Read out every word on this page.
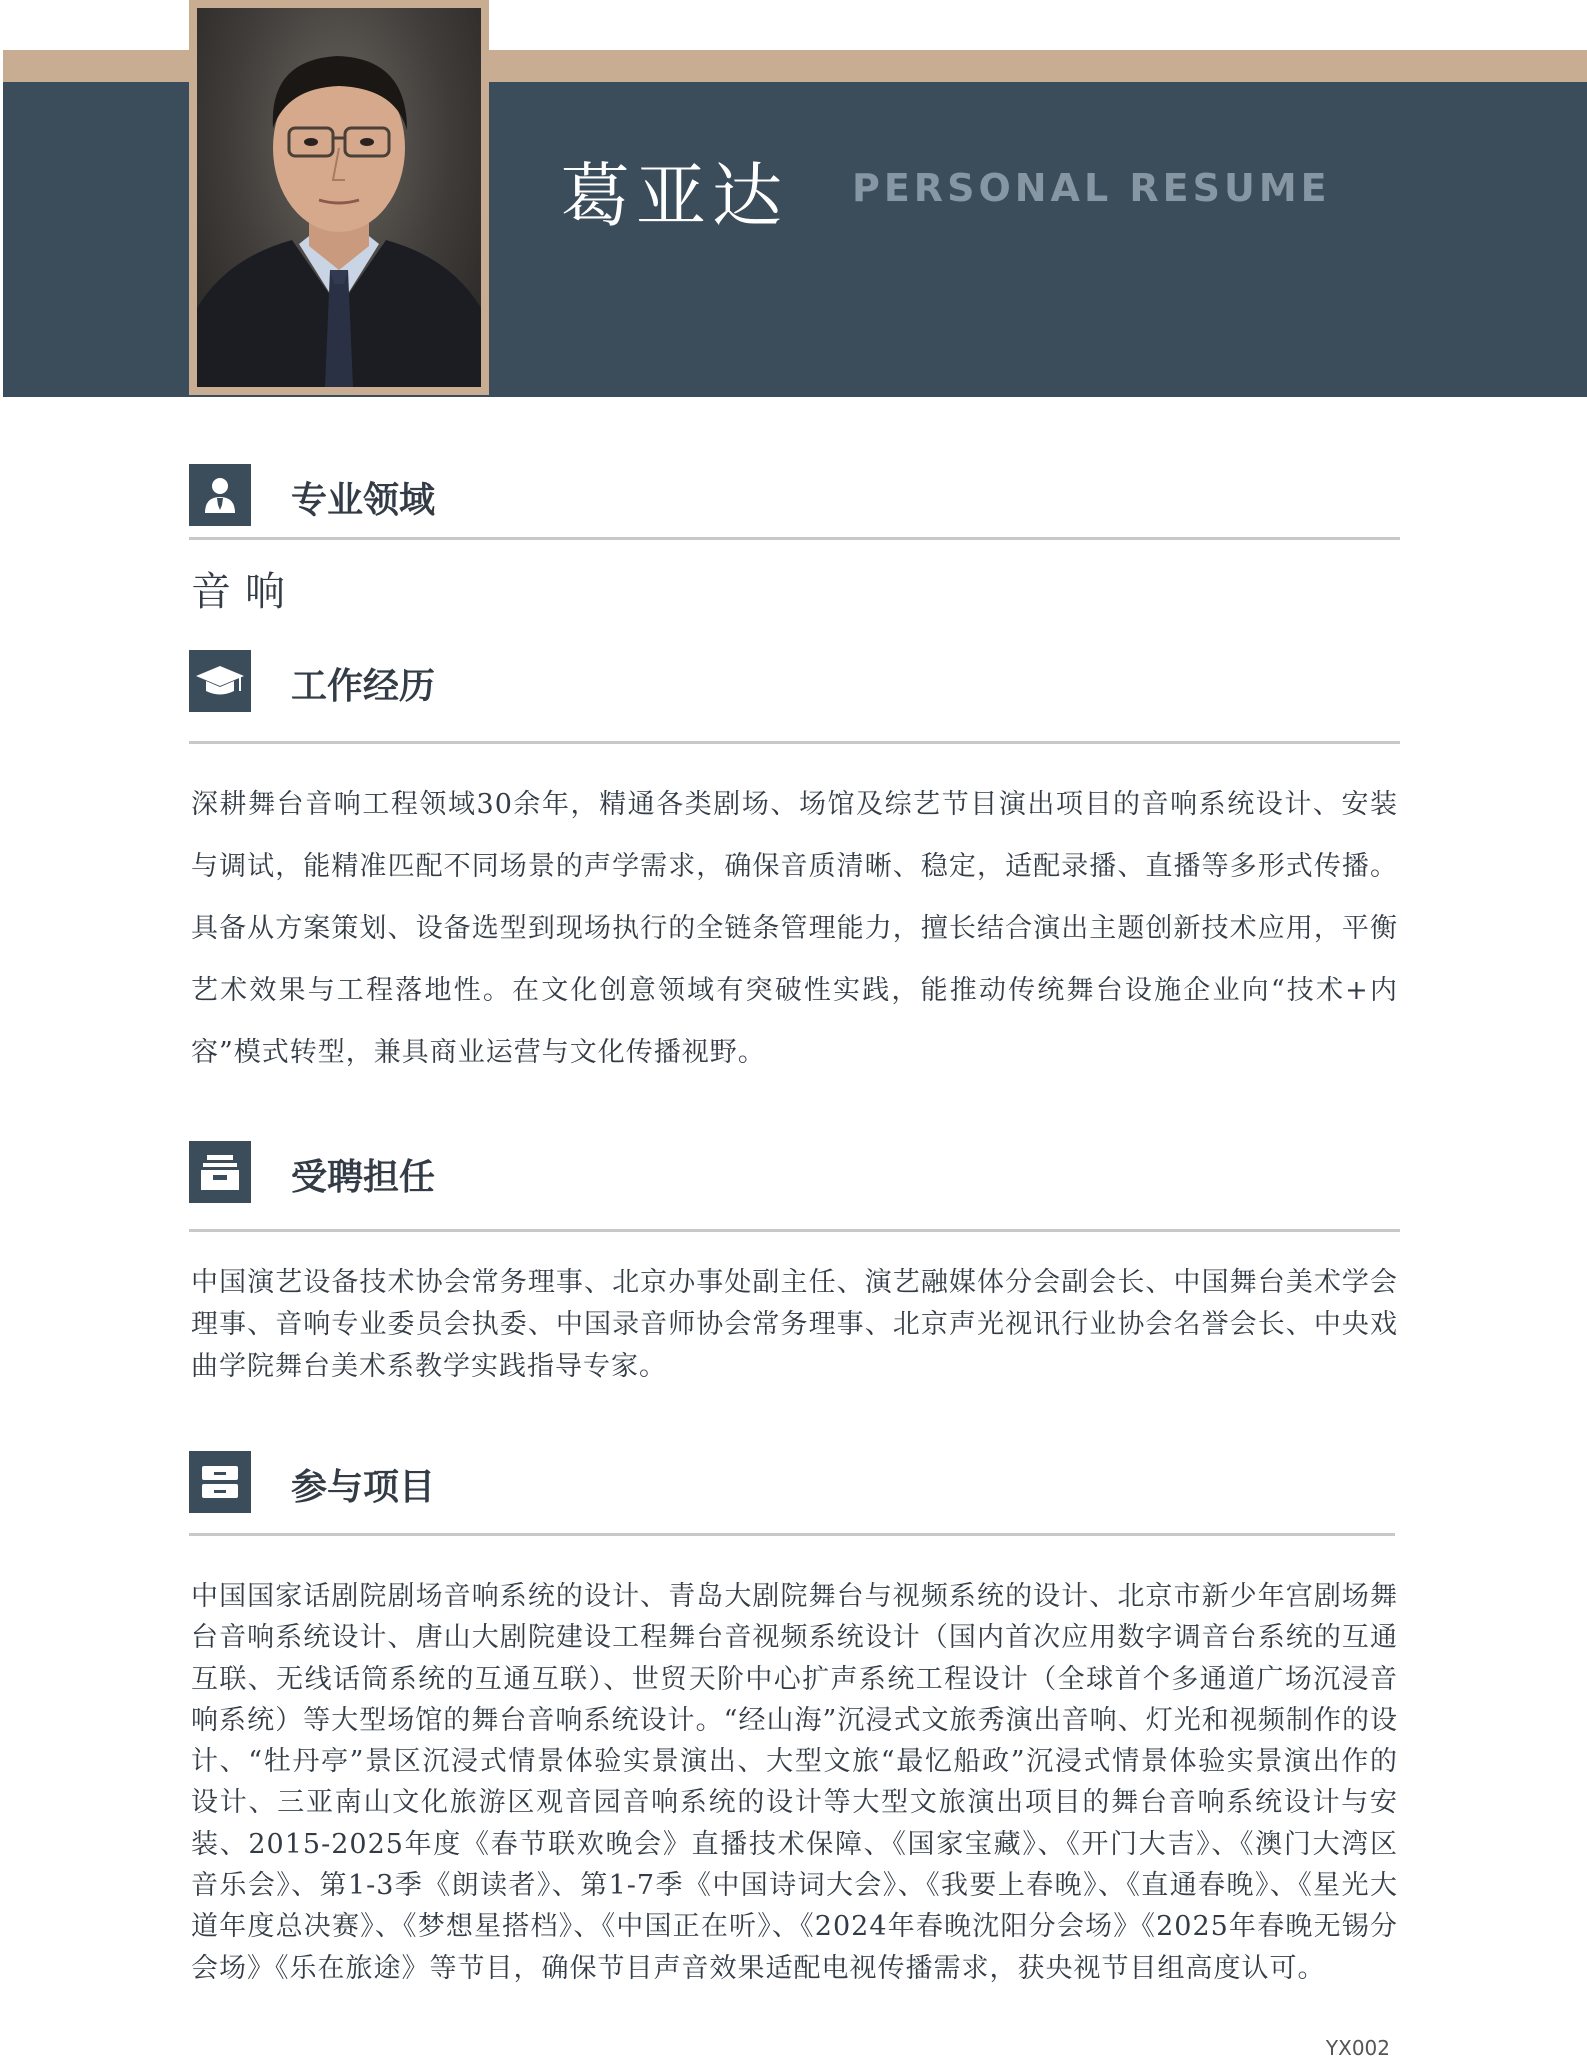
葛亚达 PERSONAL RESUME
专业领域
音响
工作经历
深耕舞台音响工程领域30余年，精通各类剧场、场馆及综艺节目演出项目的音响系统设计、安装与调试，能精准匹配不同场景的声学需求，确保音质清晰、稳定，适配录播、直播等多形式传播。具备从方案策划、设备选型到现场执行的全链条管理能力，擅长结合演出主题创新技术应用，平衡艺术效果与工程落地性。在文化创意领域有突破性实践，能推动传统舞台设施企业向“技术+内容”模式转型，兼具商业运营与文化传播视野。
受聘担任
中国演艺设备技术协会常务理事、北京办事处副主任、演艺融媒体分会副会长、中国舞台美术学会理事、音响专业委员会执委、中国录音师协会常务理事、北京声光视讯行业协会名誉会长、中央戏曲学院舞台美术系教学实践指导专家。
参与项目
中国国家话剧院剧场音响系统的设计、青岛大剧院舞台与视频系统的设计、北京市新少年宫剧场舞台音响系统设计、唐山大剧院建设工程舞台音视频系统设计（国内首次应用数字调音台系统的互通互联、无线话筒系统的互通互联）、世贸天阶中心扩声系统工程设计（全球首个多通道广场沉浸音响系统）等大型场馆的舞台音响系统设计。“经山海”沉浸式文旅秀演出音响、灯光和视频制作的设计、“牡丹亭”景区沉浸式情景体验实景演出、大型文旅“最忆船政”沉浸式情景体验实景演出作的设计、三亚南山文化旅游区观音园音响系统的设计等大型文旅演出项目的舞台音响系统设计与安装、2015-2025年度《春节联欢晚会》直播技术保障、《国家宝藏》、《开门大吉》、《澳门大湾区音乐会》、第1-3季《朗读者》、第1-7季《中国诗词大会》、《我要上春晚》、《直通春晚》、《星光大道年度总决赛》、《梦想星搭档》、《中国正在听》、《2024年春晚沈阳分会场》《2025年春晚无锡分会场》《乐在旅途》等节目，确保节目声音效果适配电视传播需求，获央视节目组高度认可。
YX002
